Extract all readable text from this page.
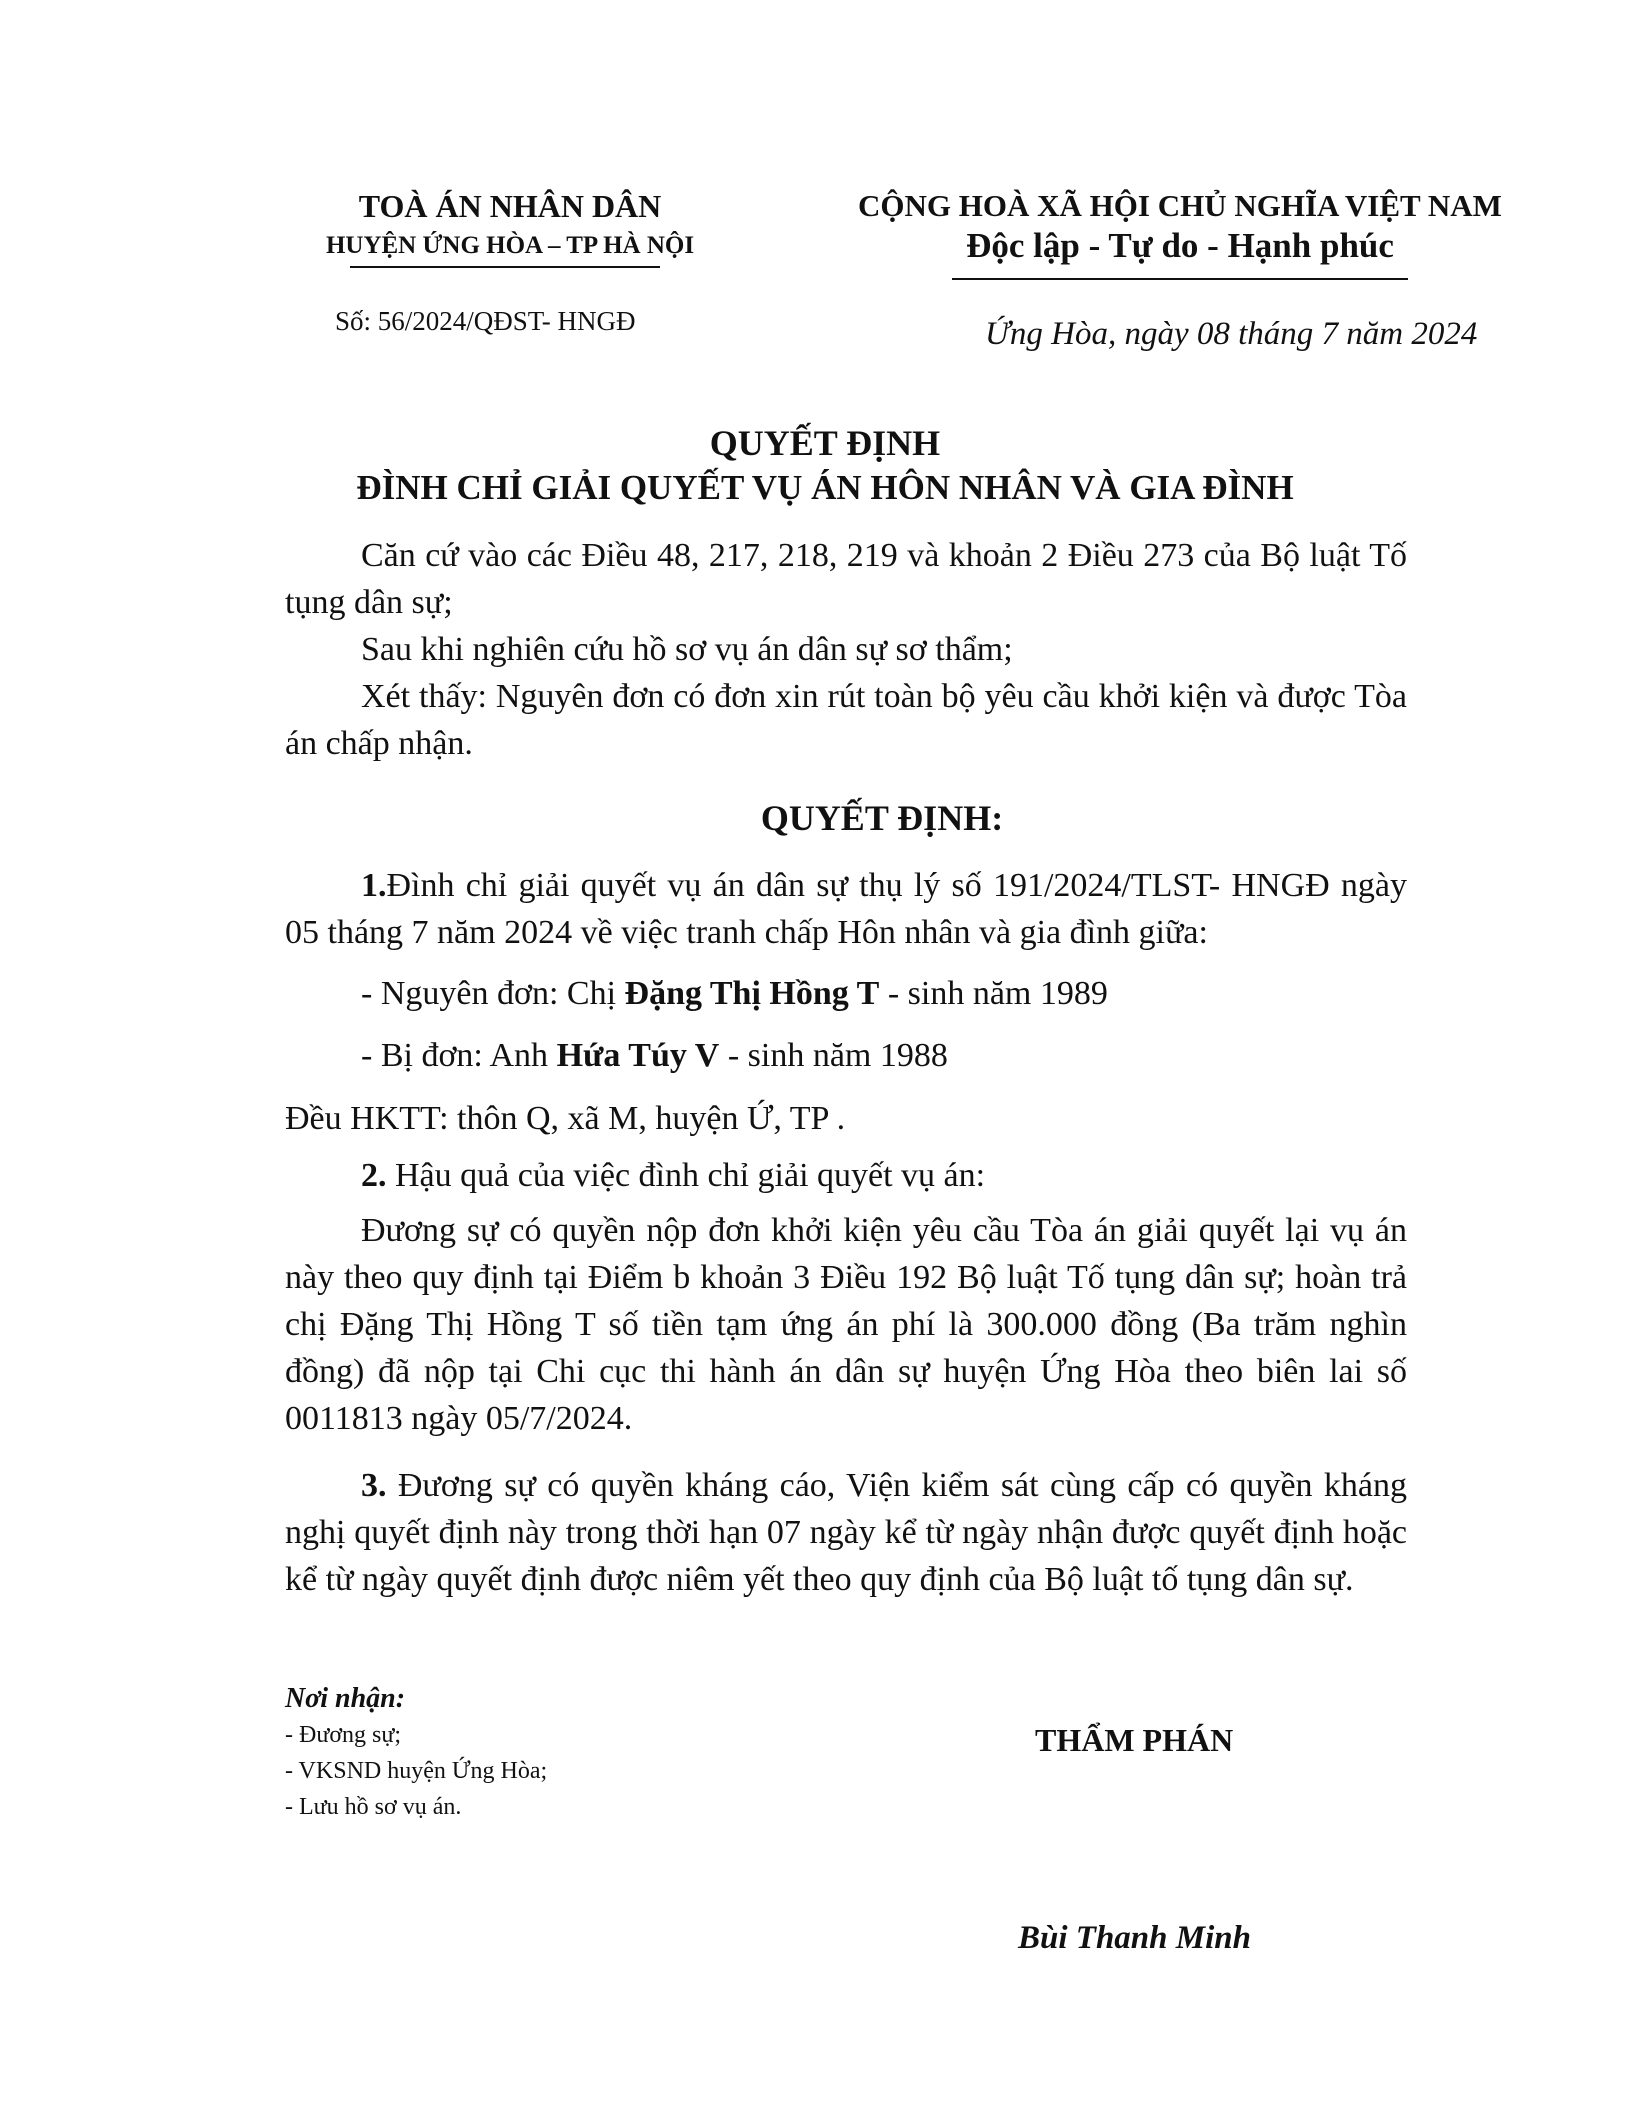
TOÀ ÁN NHÂN DÂN
HUYỆN ỨNG HÒA – TP HÀ NỘI
Số: 56/2024/QĐST- HNGĐ
CỘNG HOÀ XÃ HỘI CHỦ NGHĨA VIỆT NAM
Độc lập - Tự do - Hạnh phúc
Ứng Hòa, ngày 08 tháng 7 năm 2024
QUYẾT ĐỊNH
ĐÌNH CHỈ GIẢI QUYẾT VỤ ÁN HÔN NHÂN VÀ GIA ĐÌNH

Căn cứ vào các Điều 48, 217, 218, 219 và khoản 2 Điều 273 của Bộ luật Tố tụng dân sự;

Sau khi nghiên cứu hồ sơ vụ án dân sự sơ thẩm;

Xét thấy: Nguyên đơn có đơn xin rút toàn bộ yêu cầu khởi kiện và được Tòa án chấp nhận.

QUYẾT ĐỊNH:

1.Đình chỉ giải quyết vụ án dân sự thụ lý số 191/2024/TLST- HNGĐ ngày 05 tháng 7 năm 2024 về việc tranh chấp Hôn nhân và gia đình giữa:

- Nguyên đơn: Chị Đặng Thị Hồng T - sinh năm 1989
- Bị đơn: Anh Hứa Túy V - sinh năm 1988
Đều HKTT: thôn Q, xã M, huyện Ứ, TP .
2. Hậu quả của việc đình chỉ giải quyết vụ án:

Đương sự có quyền nộp đơn khởi kiện yêu cầu Tòa án giải quyết lại vụ án này theo quy định tại Điểm b khoản 3 Điều 192 Bộ luật Tố tụng dân sự; hoàn trả chị Đặng Thị Hồng T số tiền tạm ứng án phí là 300.000 đồng (Ba trăm nghìn đồng) đã nộp tại Chi cục thi hành án dân sự huyện Ứng Hòa theo biên lai số 0011813 ngày 05/7/2024.

3. Đương sự có quyền kháng cáo, Viện kiểm sát cùng cấp có quyền kháng nghị quyết định này trong thời hạn 07 ngày kể từ ngày nhận được quyết định hoặc kể từ ngày quyết định được niêm yết theo quy định của Bộ luật tố tụng dân sự.

Nơi nhận:
- Đương sự;
- VKSND huyện Ứng Hòa;
- Lưu hồ sơ vụ án.
THẨM PHÁN
Bùi Thanh Minh
